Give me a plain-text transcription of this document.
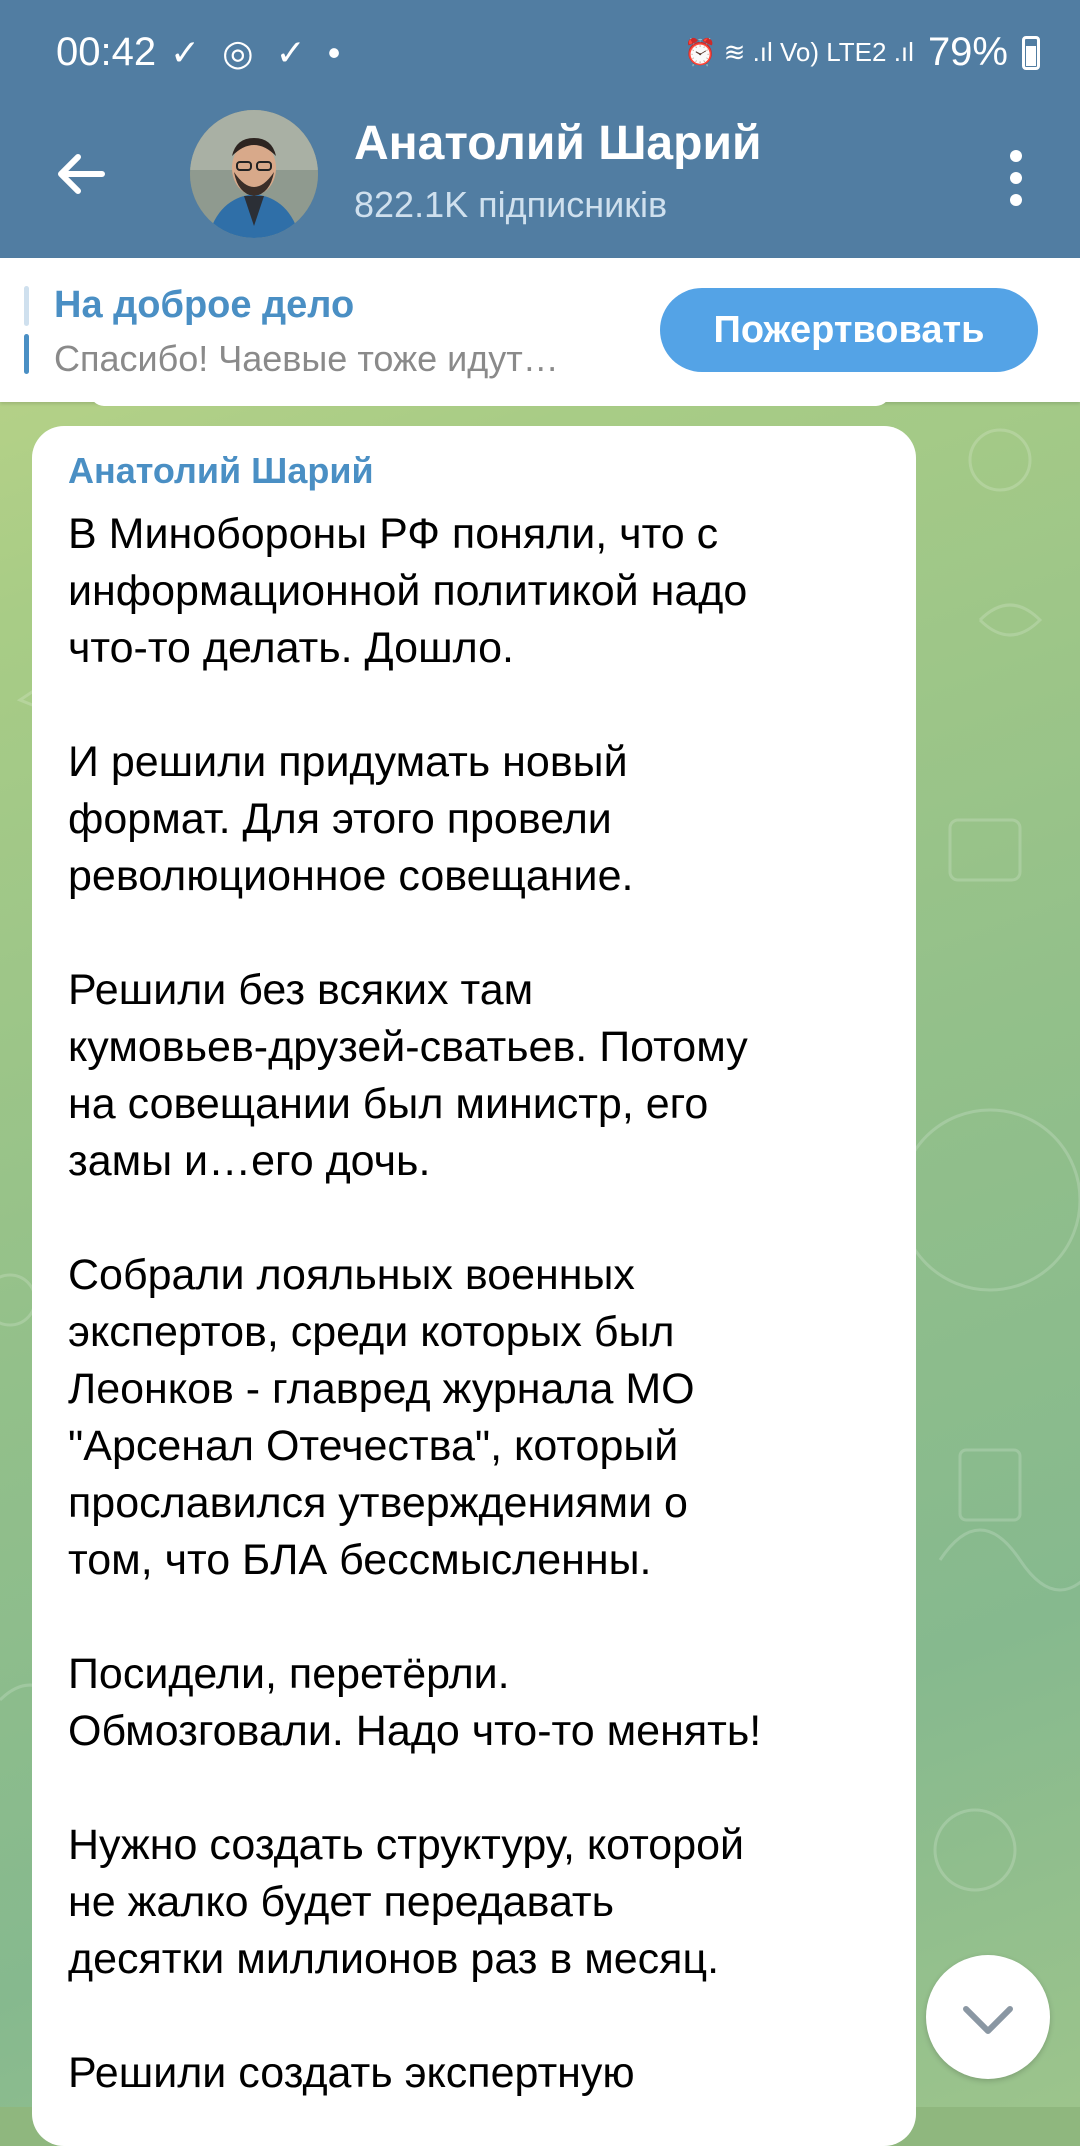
00:42 ✓ ◎ ✓ •	⏰ ≋ .ıl Vo) LTE2 .ıl 79%
Анатолий Шарий
822.1K підписників
На доброе дело
Спасибо! Чаевые тоже идут…
Пожертвовать
Анатолий Шарий
В Минобороны РФ поняли, что с
информационной политикой надо
что-то делать. Дошло.

И решили придумать новый
формат. Для этого провели
революционное совещание.

Решили без всяких там
кумовьев-друзей-сватьев. Потому
на совещании был министр, его
замы и…его дочь.

Собрали лояльных военных
экспертов, среди которых был
Леонков - главред журнала МО
"Арсенал Отечества", который
прославился утверждениями о
том, что БЛА бессмысленны.

Посидели, перетёрли.
Обмозговали. Надо что-то менять!

Нужно создать структуру, которой
не жалко будет передавать
десятки миллионов раз в месяц.

Решили создать экспертную
